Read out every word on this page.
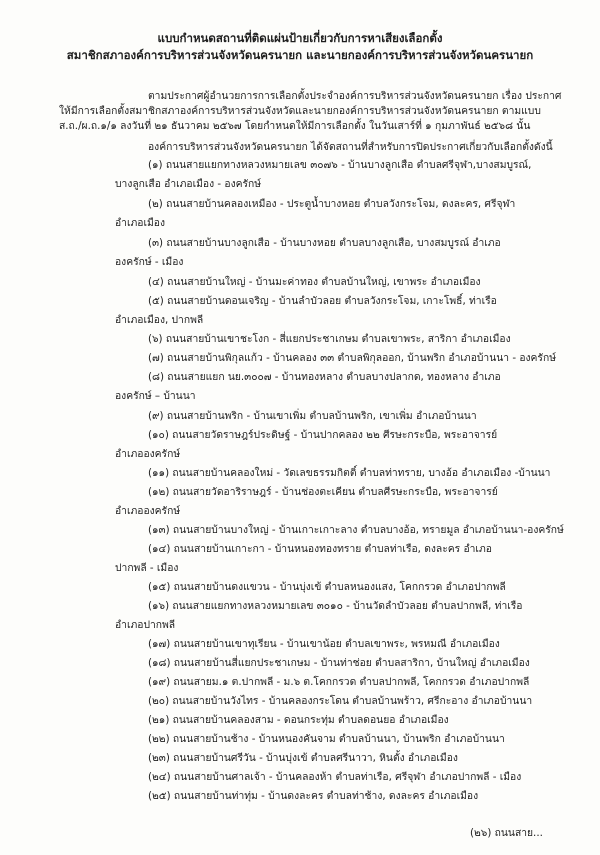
แบบกำหนดสถานที่ติดแผ่นป้ายเกี่ยวกับการหาเสียงเลือกตั้ง
สมาชิกสภาองค์การบริหารส่วนจังหวัดนครนายก และนายกองค์การบริหารส่วนจังหวัดนครนายก
ตามประกาศผู้อำนวยการการเลือกตั้งประจำองค์การบริหารส่วนจังหวัดนครนายก เรื่อง ประกาศ
ให้มีการเลือกตั้งสมาชิกสภาองค์การบริหารส่วนจังหวัดและนายกองค์การบริหารส่วนจังหวัดนครนายก ตามแบบ
ส.ถ./ผ.ถ.๑/๑ ลงวันที่ ๒๑ ธันวาคม ๒๕๖๗ โดยกำหนดให้มีการเลือกตั้ง ในวันเสาร์ที่ ๑ กุมภาพันธ์ ๒๕๖๘ นั้น
องค์การบริหารส่วนจังหวัดนครนายก ได้จัดสถานที่สำหรับการปิดประกาศเกี่ยวกับเลือกตั้งดังนี้
(๑) ถนนสายแยกทางหลวงหมายเลข ๓๐๗๖ - บ้านบางลูกเสือ ตำบลศรีจุฬา,บางสมบูรณ์,
บางลูกเสือ อำเภอเมือง - องครักษ์
(๒) ถนนสายบ้านคลองเหมือง - ประตูน้ำบางหอย ตำบลวังกระโจม, ดงละคร, ศรีจุฬา
อำเภอเมือง
(๓) ถนนสายบ้านบางลูกเสือ - บ้านบางหอย ตำบลบางลูกเสือ, บางสมบูรณ์ อำเภอ
องครักษ์ - เมือง
(๔) ถนนสายบ้านใหญ่ - บ้านมะค่าทอง ตำบลบ้านใหญ่, เขาพระ อำเภอเมือง
(๕) ถนนสายบ้านดอนเจริญ - บ้านลำบัวลอย ตำบลวังกระโจม, เกาะโพธิ์, ท่าเรือ
อำเภอเมือง, ปากพลี
(๖) ถนนสายบ้านเขาชะโงก - สี่แยกประชาเกษม ตำบลเขาพระ, สาริกา อำเภอเมือง
(๗) ถนนสายบ้านพิกุลแก้ว - บ้านคลอง ๓๓ ตำบลพิกุลออก, บ้านพริก อำเภอบ้านนา - องครักษ์
(๘) ถนนสายแยก นย.๓๐๐๗ - บ้านทองหลาง ตำบลบางปลากด, ทองหลาง อำเภอ
องครักษ์ – บ้านนา
(๙) ถนนสายบ้านพริก - บ้านเขาเพิ่ม ตำบลบ้านพริก, เขาเพิ่ม อำเภอบ้านนา
(๑๐) ถนนสายวัดราษฎร์ประดิษฐ์ - บ้านปากคลอง ๒๒ ศีรษะกระบือ, พระอาจารย์
อำเภอองครักษ์
(๑๑) ถนนสายบ้านคลองใหม่ - วัดเลขธรรมกิตติ์ ตำบลท่าทราย, บางอ้อ อำเภอเมือง -บ้านนา
(๑๒) ถนนสายวัดอาริราษฎร์ - บ้านช่องตะเคียน ตำบลศีรษะกระบือ, พระอาจารย์
อำเภอองครักษ์
(๑๓) ถนนสายบ้านบางใหญ่ - บ้านเกาะเกาะลาง ตำบลบางอ้อ, ทรายมูล อำเภอบ้านนา-องครักษ์
(๑๔) ถนนสายบ้านเกาะกา - บ้านหนองทองทราย ตำบลท่าเรือ, ดงละคร อำเภอ
ปากพลี - เมือง
(๑๕) ถนนสายบ้านดงแขวน - บ้านบุ่งเข้ ตำบลหนองแสง, โคกกรวด อำเภอปากพลี
(๑๖) ถนนสายแยกทางหลวงหมายเลข ๓๐๑๐ - บ้านวัดลำบัวลอย ตำบลปากพลี, ท่าเรือ
อำเภอปากพลี
(๑๗) ถนนสายบ้านเขาทุเรียน - บ้านเขาน้อย ตำบลเขาพระ, พรหมณี อำเภอเมือง
(๑๘) ถนนสายบ้านสี่แยกประชาเกษม - บ้านท่าช่อย ตำบลสาริกา, บ้านใหญ่ อำเภอเมือง
(๑๙) ถนนสายม.๑ ต.ปากพลี - ม.๖ ต.โคกกรวด ตำบลปากพลี, โคกกรวด อำเภอปากพลี
(๒๐) ถนนสายบ้านวังไทร - บ้านคลองกระโดน ตำบลบ้านพร้าว, ศรีกะอาง อำเภอบ้านนา
(๒๑) ถนนสายบ้านคลองสาม - ดอนกระทุ่ม ตำบลดอนยอ อำเภอเมือง
(๒๒) ถนนสายบ้านช้าง - บ้านหนองคันจาม ตำบลบ้านนา, บ้านพริก อำเภอบ้านนา
(๒๓) ถนนสายบ้านศรีวัน - บ้านบุ่งเข้ ตำบลศรีนาวา, หินตั้ง อำเภอเมือง
(๒๔) ถนนสายบ้านศาลเจ้า - บ้านคลองห้า ตำบลท่าเรือ, ศรีจุฬา อำเภอปากพลี - เมือง
(๒๕) ถนนสายบ้านท่าทุ่ม - บ้านดงละคร ตำบลท่าช้าง, ดงละคร อำเภอเมือง
(๒๖) ถนนสาย...
